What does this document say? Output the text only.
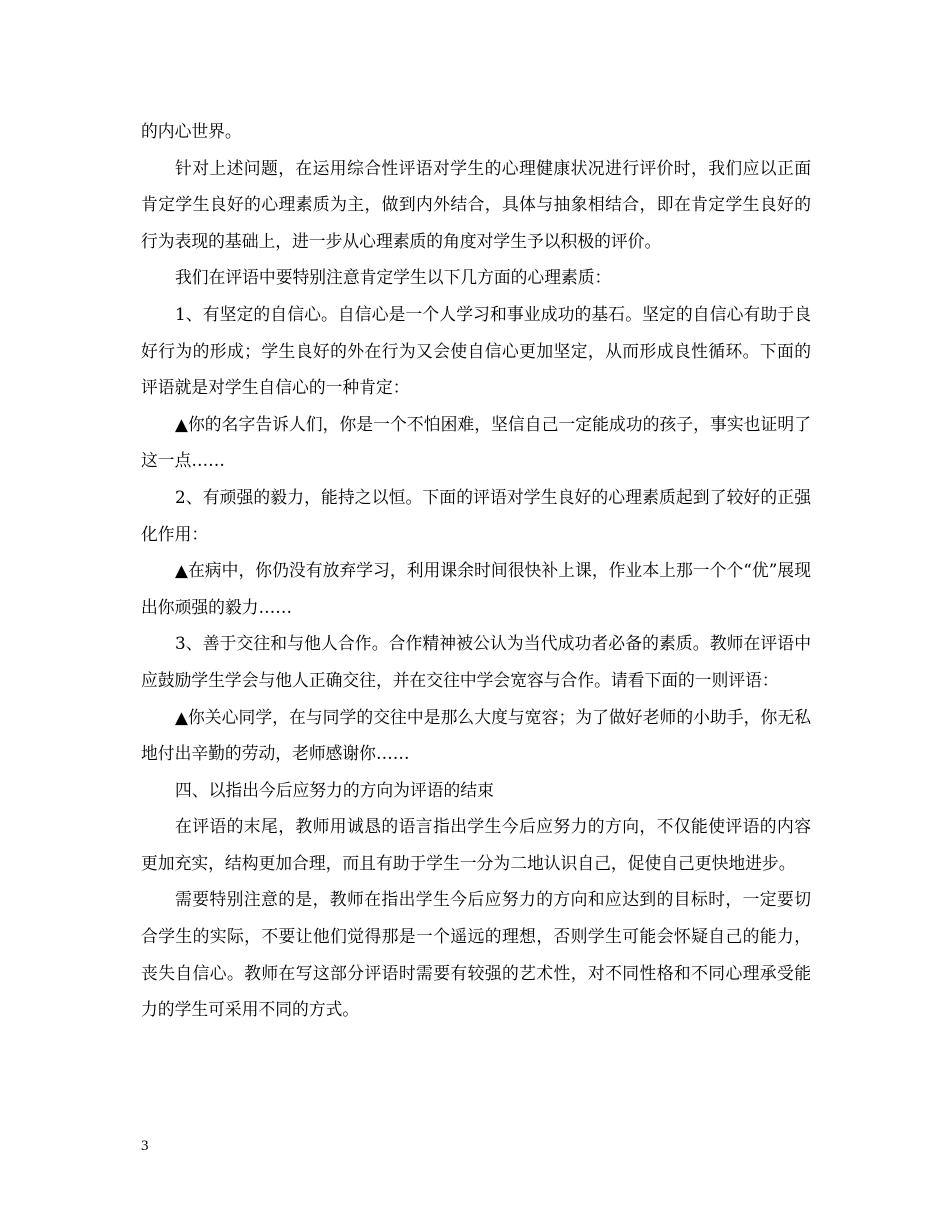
的内心世界。

针对上述问题，在运用综合性评语对学生的心理健康状况进行评价时，我们应以正面肯定学生良好的心理素质为主，做到内外结合，具体与抽象相结合，即在肯定学生良好的行为表现的基础上，进一步从心理素质的角度对学生予以积极的评价。

我们在评语中要特别注意肯定学生以下几方面的心理素质：

1、有坚定的自信心。自信心是一个人学习和事业成功的基石。坚定的自信心有助于良好行为的形成；学生良好的外在行为又会使自信心更加坚定，从而形成良性循环。下面的评语就是对学生自信心的一种肯定：

▲你的名字告诉人们，你是一个不怕困难，坚信自己一定能成功的孩子，事实也证明了这一点……

2、有顽强的毅力，能持之以恒。下面的评语对学生良好的心理素质起到了较好的正强化作用：

▲在病中，你仍没有放弃学习，利用课余时间很快补上课，作业本上那一个个“优”展现出你顽强的毅力……

3、善于交往和与他人合作。合作精神被公认为当代成功者必备的素质。教师在评语中应鼓励学生学会与他人正确交往，并在交往中学会宽容与合作。请看下面的一则评语：

▲你关心同学，在与同学的交往中是那么大度与宽容；为了做好老师的小助手，你无私地付出辛勤的劳动，老师感谢你……

四、以指出今后应努力的方向为评语的结束

在评语的末尾，教师用诚恳的语言指出学生今后应努力的方向，不仅能使评语的内容更加充实，结构更加合理，而且有助于学生一分为二地认识自己，促使自己更快地进步。

需要特别注意的是，教师在指出学生今后应努力的方向和应达到的目标时，一定要切合学生的实际，不要让他们觉得那是一个遥远的理想，否则学生可能会怀疑自己的能力，丧失自信心。教师在写这部分评语时需要有较强的艺术性，对不同性格和不同心理承受能力的学生可采用不同的方式。

3
